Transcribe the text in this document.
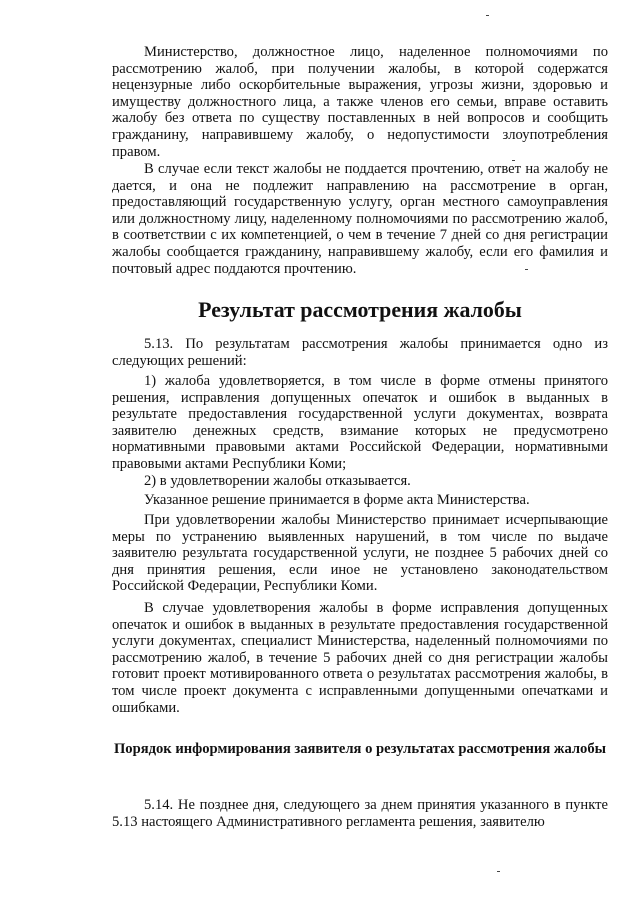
Министерство, должностное лицо, наделенное полномочиями по рассмотрению жалоб, при получении жалобы, в которой содержатся нецензурные либо оскорбительные выражения, угрозы жизни, здоровью и имуществу должностного лица, а также членов его семьи, вправе оставить жалобу без ответа по существу поставленных в ней вопросов и сообщить гражданину, направившему жалобу, о недопустимости злоупотребления правом.

В случае если текст жалобы не поддается прочтению, ответ на жалобу не дается, и она не подлежит направлению на рассмотрение в орган, предоставляющий государственную услугу, орган местного самоуправления или должностному лицу, наделенному полномочиями по рассмотрению жалоб, в соответствии с их компетенцией, о чем в течение 7 дней со дня регистрации жалобы сообщается гражданину, направившему жалобу, если его фамилия и почтовый адрес поддаются прочтению.

Результат рассмотрения жалобы

5.13. По результатам рассмотрения жалобы принимается одно из следующих решений:

1) жалоба удовлетворяется, в том числе в форме отмены принятого решения, исправления допущенных опечаток и ошибок в выданных в результате предоставления государственной услуги документах, возврата заявителю денежных средств, взимание которых не предусмотрено нормативными правовыми актами Российской Федерации, нормативными правовыми актами Республики Коми;

2) в удовлетворении жалобы отказывается.

Указанное решение принимается в форме акта Министерства.

При удовлетворении жалобы Министерство принимает исчерпывающие меры по устранению выявленных нарушений, в том числе по выдаче заявителю результата государственной услуги, не позднее 5 рабочих дней со дня принятия решения, если иное не установлено законодательством Российской Федерации, Республики Коми.

В случае удовлетворения жалобы в форме исправления допущенных опечаток и ошибок в выданных в результате предоставления государственной услуги документах, специалист Министерства, наделенный полномочиями по рассмотрению жалоб, в течение 5 рабочих дней со дня регистрации жалобы готовит проект мотивированного ответа о результатах рассмотрения жалобы, в том числе проект документа с исправленными допущенными опечатками и ошибками.

Порядок информирования заявителя о результатах рассмотрения жалобы

5.14. Не позднее дня, следующего за днем принятия указанного в пункте 5.13 настоящего Административного регламента решения, заявителю
